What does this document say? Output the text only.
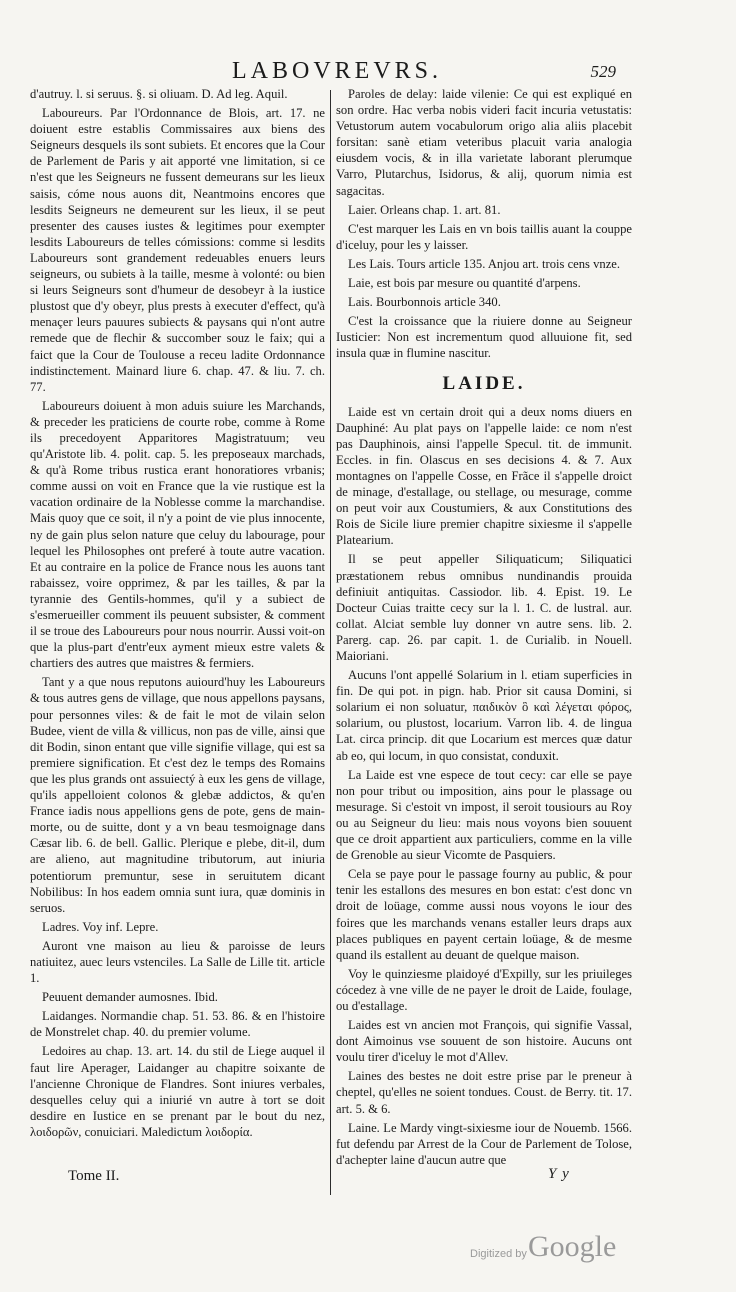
LABOVREVRS.	529

d'autruy. l. si seruus. §. si oliuam. D. Ad leg. Aquil.

Laboureurs. Par l'Ordonnance de Blois, art. 17. ne doiuent estre establis Commissaires aux biens des Seigneurs desquels ils sont subiets. Et encores que la Cour de Parlement de Paris y ait apporté vne limitation, si ce n'est que les Seigneurs ne fussent demeurans sur les lieux saisis, cóme nous auons dit, Neantmoins encores que lesdits Seigneurs ne demeurent sur les lieux, il se peut presenter des causes iustes & legitimes pour exempter lesdits Laboureurs de telles cómissions: comme si lesdits Laboureurs sont grandement redeuables enuers leurs seigneurs, ou subiets à la taille, mesme à volonté: ou bien si leurs Seigneurs sont d'humeur de desobeyr à la iustice plustost que d'y obeyr, plus prests à executer d'effect, qu'à menaçer leurs pauures subiects & paysans qui n'ont autre remede que de flechir & succomber souz le faix; qui a faict que la Cour de Toulouse a receu ladite Ordonnance indistinctement. Mainard liure 6. chap. 47. & liu. 7. ch. 77.

Laboureurs doiuent à mon aduis suiure les Marchands, & preceder les praticiens de courte robe, comme à Rome ils precedoyent Apparitores Magistratuum; veu qu'Aristote lib. 4. polit. cap. 5. les preposeaux marchads, & qu'à Rome tribus rustica erant honoratiores vrbanis; comme aussi on voit en France que la vie rustique est la vacation ordinaire de la Noblesse comme la marchandise. Mais quoy que ce soit, il n'y a point de vie plus innocente, ny de gain plus selon nature que celuy du labourage, pour lequel les Philosophes ont preferé à toute autre vacation. Et au contraire en la police de France nous les auons tant rabaissez, voire opprimez, & par les tailles, & par la tyrannie des Gentils-hommes, qu'il y a subiect de s'esmerueiller comment ils peuuent subsister, & comment il se troue des Laboureurs pour nous nourrir. Aussi voit-on que la plus-part d'entr'eux ayment mieux estre valets & chartiers des autres que maistres & fermiers.

Tant y a que nous reputons auiourd'huy les Laboureurs & tous autres gens de village, que nous appellons paysans, pour personnes viles: & de fait le mot de vilain selon Budee, vient de villa & villicus, non pas de ville, ainsi que dit Bodin, sinon entant que ville signifie village, qui est sa premiere signification. Et c'est dez le temps des Romains que les plus grands ont assuiectý à eux les gens de village, qu'ils appelloient colonos & glebæ addictos, & qu'en France iadis nous appellions gens de pote, gens de main-morte, ou de suitte, dont y a vn beau tesmoignage dans Cæsar lib. 6. de bell. Gallic. Plerique e plebe, dit-il, dum are alieno, aut magnitudine tributorum, aut iniuria potentiorum premuntur, sese in seruitutem dicant Nobilibus: In hos eadem omnia sunt iura, quæ dominis in seruos.

Ladres. Voy inf. Lepre.

Auront vne maison au lieu & paroisse de leurs natiuitez, auec leurs vstenciles. La Salle de Lille tit. article 1.

Peuuent demander aumosnes. Ibid.

Laidanges. Normandie chap. 51. 53. 86. & en l'histoire de Monstrelet chap. 40. du premier volume.

Ledoires au chap. 13. art. 14. du stil de Liege auquel il faut lire Aperager, Laidanger au chapitre soixante de l'ancienne Chronique de Flandres. Sont iniures verbales, desquelles celuy qui a iniurié vn autre à tort se doit desdire en Iustice en se prenant par le bout du nez, λοιδορῶν, conuiciari. Maledictum λοιδορία.

Paroles de delay: laide vilenie: Ce qui est expliqué en son ordre. Hac verba nobis videri facit incuria vetustatis: Vetustorum autem vocabulorum origo alia aliis placebit forsitan: sanè etiam veteribus placuit varia analogia eiusdem vocis, & in illa varietate laborant plerumque Varro, Plutarchus, Isidorus, & alij, quorum nimia est sagacitas.

Laier. Orleans chap. 1. art. 81.

C'est marquer les Lais en vn bois taillis auant la couppe d'iceluy, pour les y laisser.

Les Lais. Tours article 135. Anjou art. trois cens vnze.

Laie, est bois par mesure ou quantité d'arpens.

Lais. Bourbonnois article 340.

C'est la croissance que la riuiere donne au Seigneur Iusticier: Non est incrementum quod alluuione fit, sed insula quæ in flumine nascitur.

LAIDE.

Laide est vn certain droit qui a deux noms diuers en Dauphiné: Au plat pays on l'appelle laide: ce nom n'est pas Dauphinois, ainsi l'appelle Specul. tit. de immunit. Eccles. in fin. Olascus en ses decisions 4. & 7. Aux montagnes on l'appelle Cosse, en Frãce il s'appelle droict de minage, d'estallage, ou stellage, ou mesurage, comme on peut voir aux Coustumiers, & aux Constitutions des Rois de Sicile liure premier chapitre sixiesme il s'appelle Platearium.

Il se peut appeller Siliquaticum; Siliquatici præstationem rebus omnibus nundinandis prouida definiuit antiquitas. Cassiodor. lib. 4. Epist. 19. Le Docteur Cuias traitte cecy sur la l. 1. C. de lustral. aur. collat. Alciat semble luy donner vn autre sens. lib. 2. Parerg. cap. 26. par capit. 1. de Curialib. in Nouell. Maioriani.

Aucuns l'ont appellé Solarium in l. etiam superficies in fin. De qui pot. in pign. hab. Prior sit causa Domini, si solarium ei non soluatur, παιδικὸν ὃ καὶ λέγεται φόρος, solarium, ou plustost, locarium. Varron lib. 4. de lingua Lat. circa princip. dit que Locarium est merces quæ datur ab eo, qui locum, in quo consistat, conduxit.

La Laide est vne espece de tout cecy: car elle se paye non pour tribut ou imposition, ains pour le plassage ou mesurage. Si c'estoit vn impost, il seroit tousiours au Roy ou au Seigneur du lieu: mais nous voyons bien souuent que ce droit appartient aux particuliers, comme en la ville de Grenoble au sieur Vicomte de Pasquiers.

Cela se paye pour le passage fourny au public, & pour tenir les estallons des mesures en bon estat: c'est donc vn droit de loüage, comme aussi nous voyons le iour des foires que les marchands venans estaller leurs draps aux places publiques en payent certain loüage, & de mesme quand ils estallent au deuant de quelque maison.

Voy le quinziesme plaidoyé d'Expilly, sur les priuileges cócedez à vne ville de ne payer le droit de Laide, foulage, ou d'estallage.

Laides est vn ancien mot François, qui signifie Vassal, dont Aimoinus vse souuent de son histoire. Aucuns ont voulu tirer d'iceluy le mot d'Allev.

Laines des bestes ne doit estre prise par le preneur à cheptel, qu'elles ne soient tondues. Coust. de Berry. tit. 17. art. 5. & 6.

Laine. Le Mardy vingt-sixiesme iour de Nouemb. 1566. fut defendu par Arrest de la Cour de Parlement de Tolose, d'achepter laine d'aucun autre que

Tome II.	Y y
Digitized by Google
